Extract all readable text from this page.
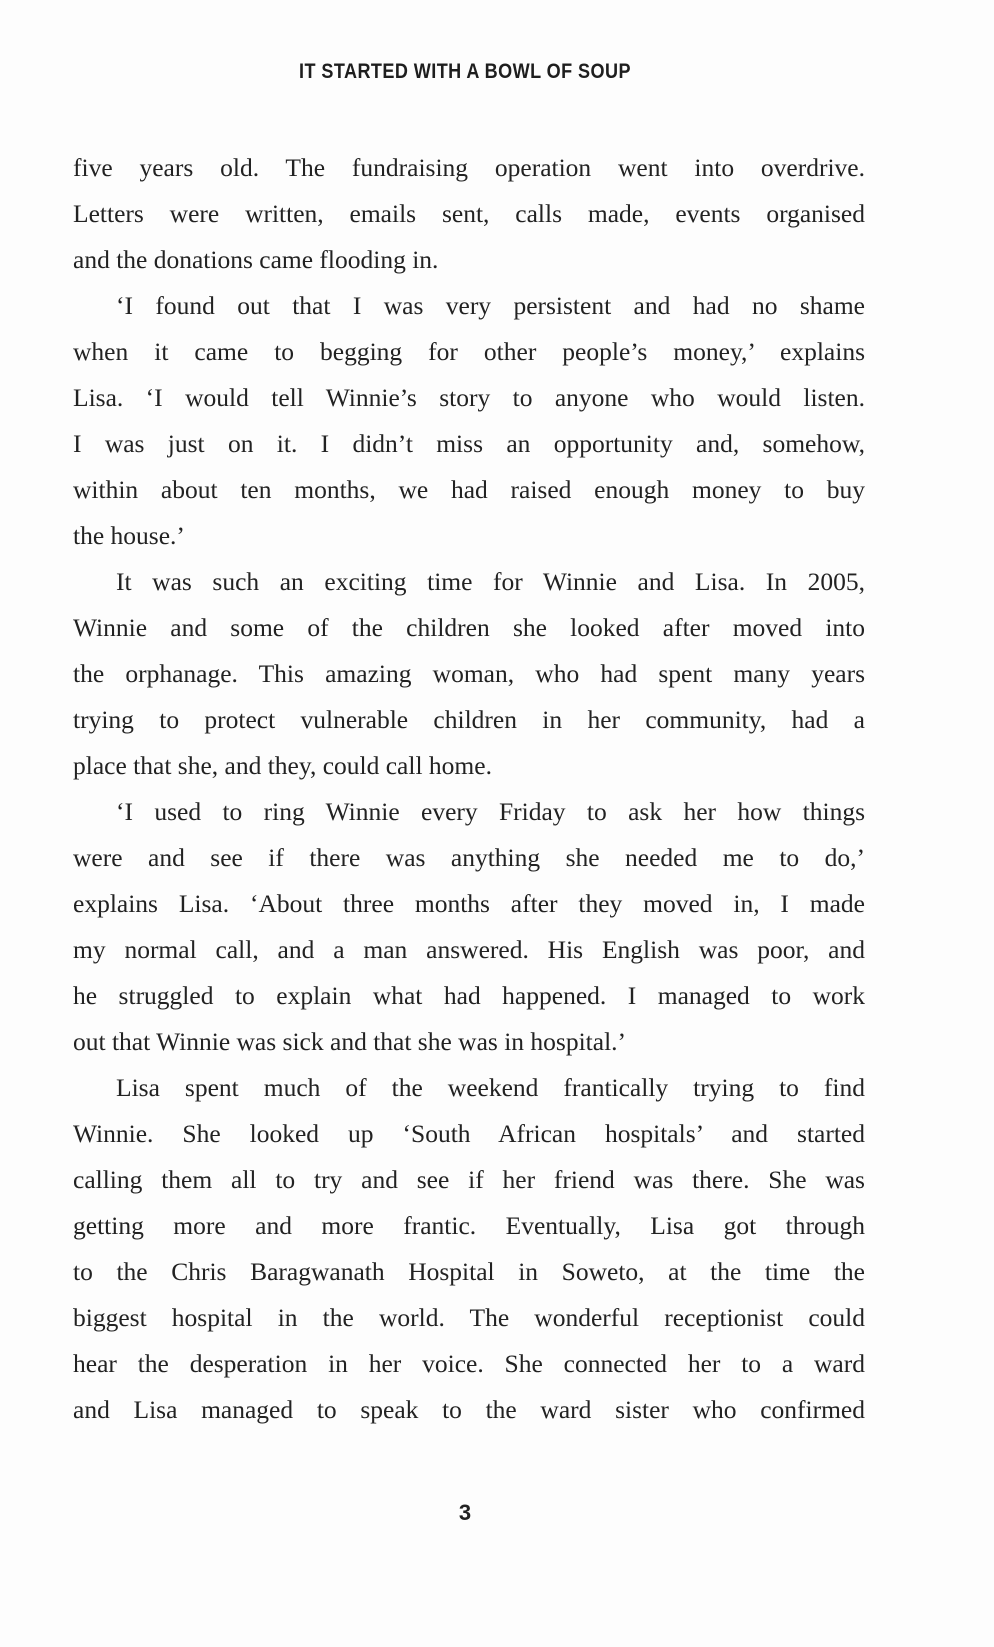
IT STARTED WITH A BOWL OF SOUP
five years old. The fundraising operation went into overdrive.
Letters were written, emails sent, calls made, events organised
and the donations came flooding in.
‘I found out that I was very persistent and had no shame
when it came to begging for other people’s money,’ explains
Lisa. ‘I would tell Winnie’s story to anyone who would listen.
I was just on it. I didn’t miss an opportunity and, somehow,
within about ten months, we had raised enough money to buy
the house.’
It was such an exciting time for Winnie and Lisa. In 2005,
Winnie and some of the children she looked after moved into
the orphanage. This amazing woman, who had spent many years
trying to protect vulnerable children in her community, had a
place that she, and they, could call home.
‘I used to ring Winnie every Friday to ask her how things
were and see if there was anything she needed me to do,’
explains Lisa. ‘About three months after they moved in, I made
my normal call, and a man answered. His English was poor, and
he struggled to explain what had happened. I managed to work
out that Winnie was sick and that she was in hospital.’
Lisa spent much of the weekend frantically trying to find
Winnie. She looked up ‘South African hospitals’ and started
calling them all to try and see if her friend was there. She was
getting more and more frantic. Eventually, Lisa got through
to the Chris Baragwanath Hospital in Soweto, at the time the
biggest hospital in the world. The wonderful receptionist could
hear the desperation in her voice. She connected her to a ward
and Lisa managed to speak to the ward sister who confirmed
3
